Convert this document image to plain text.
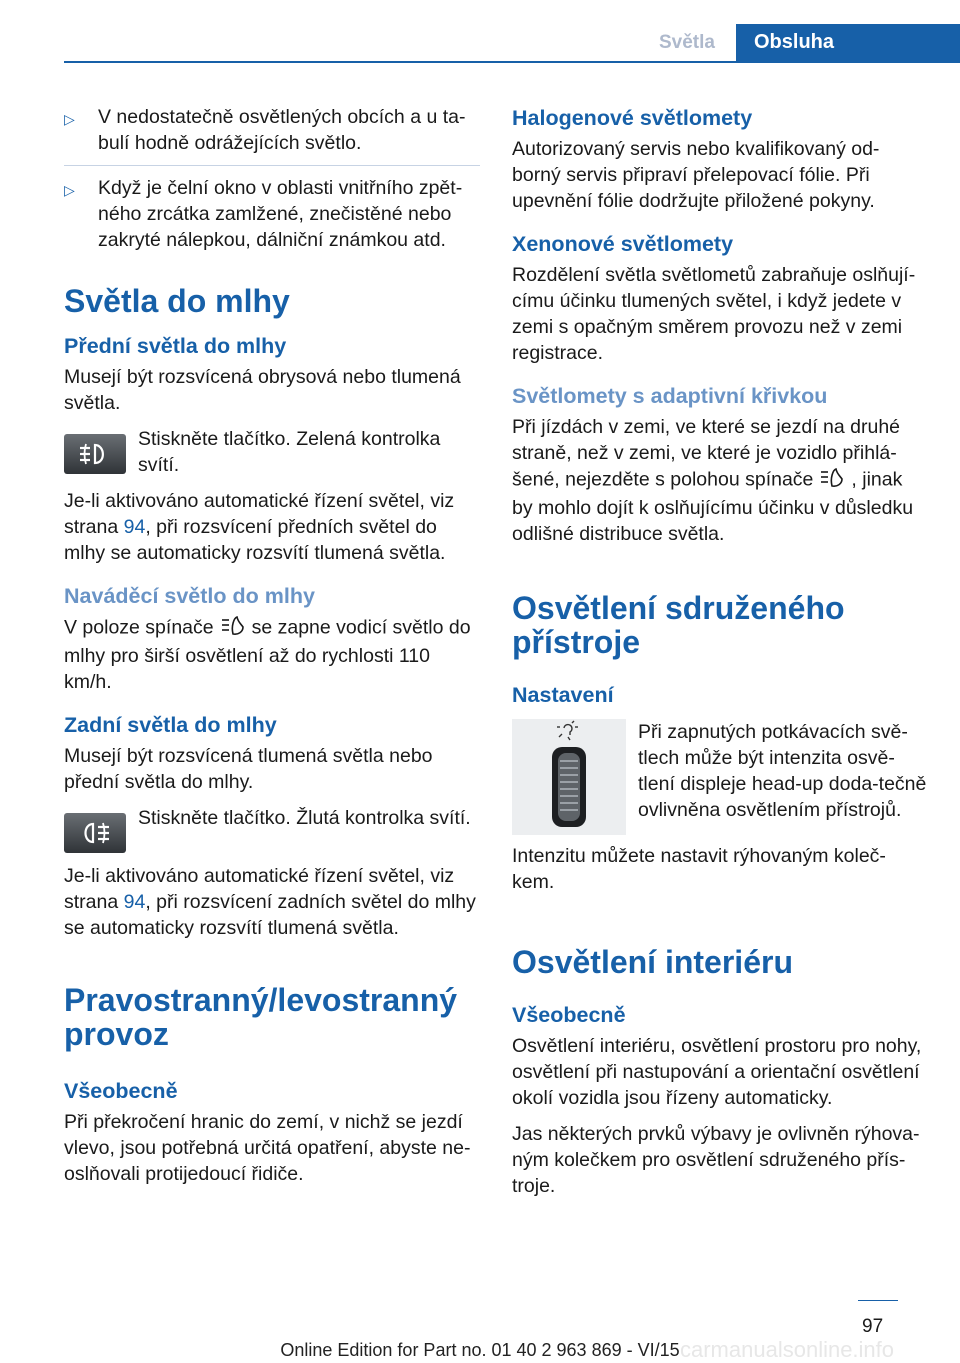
Světla	Obsluha
▷ V nedostatečně osvětlených obcích a u ta-bulí hodně odrážejících světlo.
▷ Když je čelní okno v oblasti vnitřního zpět-ného zrcátka zamlžené, znečistěné nebo zakryté nálepkou, dálniční známkou atd.
Světla do mlhy
Přední světla do mlhy

Musejí být rozsvícená obrysová nebo tlumená světla.

Stiskněte tlačítko. Zelená kontrolka svítí.

Je-li aktivováno automatické řízení světel, viz strana 94, při rozsvícení předních světel do mlhy se automaticky rozsvítí tlumená světla.

Naváděcí světlo do mlhy

V poloze spínače se zapne vodicí světlo do mlhy pro širší osvětlení až do rychlosti 110 km/h.

Zadní světla do mlhy

Musejí být rozsvícená tlumená světla nebo přední světla do mlhy.

Stiskněte tlačítko. Žlutá kontrolka svítí.

Je-li aktivováno automatické řízení světel, viz strana 94, při rozsvícení zadních světel do mlhy se automaticky rozsvítí tlumená světla.

Pravostranný/levostranný provoz
Všeobecně

Při překročení hranic do zemí, v nichž se jezdí vlevo, jsou potřebná určitá opatření, abyste ne-oslňovali protijedoucí řidiče.

Halogenové světlomety

Autorizovaný servis nebo kvalifikovaný od-borný servis připraví přelepovací fólie. Při upevnění fólie dodržujte přiložené pokyny.

Xenonové světlomety

Rozdělení světla světlometů zabraňuje oslňují-címu účinku tlumených světel, i když jedete v zemi s opačným směrem provozu než v zemi registrace.

Světlomety s adaptivní křivkou

Při jízdách v zemi, ve které se jezdí na druhé straně, než v zemi, ve které je vozidlo přihlá-šené, nejezděte s polohou spínače , jinak by mohlo dojít k oslňujícímu účinku v důsledku odlišné distribuce světla.

Osvětlení sdruženého přístroje
Nastavení

Při zapnutých potkávacích svě-tlech může být intenzita osvě-tlení displeje head-up doda-tečně ovlivněna osvětlením přístrojů.

Intenzitu můžete nastavit rýhovaným koleč-kem.

Osvětlení interiéru
Všeobecně

Osvětlení interiéru, osvětlení prostoru pro nohy, osvětlení při nastupování a orientační osvětlení okolí vozidla jsou řízeny automaticky.

Jas některých prvků výbavy je ovlivněn rýhova-ným kolečkem pro osvětlení sdruženého přís-troje.

97
carmanualsonline.info
Online Edition for Part no. 01 40 2 963 869 - VI/15
